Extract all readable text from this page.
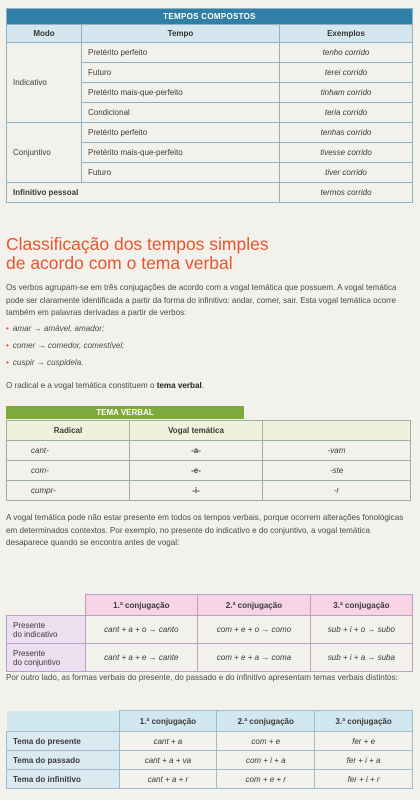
TEMPOS COMPOSTOS		
Modo	Tempo	Exemplos
Indicativo	Pretérito perfeito	tenho corrido
	Futuro	terei corrido
	Pretérito mais-que-perfeito	tinham corrido
	Condicional	teria corrido
Conjuntivo	Pretérito perfeito	tenhas corrido
	Pretérito mais-que-perfeito	tivesse corrido
	Futuro	tiver corrido
Infinitivo pessoal		termos corrido
Classificação dos tempos simples
de acordo com o tema verbal
Os verbos agrupam-se em três conjugações de acordo com a vogal temática que possuem. A vogal temática pode ser claramente identificada a partir da forma do infinitivo: andar, comer, sair. Esta vogal temática ocorre também em palavras derivadas a partir de verbos:
• amar → amável, amador;
• comer → comedor, comestível;
• cuspir → cuspidela.
O radical e a vogal temática constituem o tema verbal.
TEMA VERBAL
Radical	Vogal temática	
cant-	-a-	-vam
com-	-e-	-ste
cumpr-	-i-	-r
A vogal temática pode não estar presente em todos os tempos verbais, porque ocorrem alterações fonológicas em determinados contextos. Por exemplo, no presente do indicativo e do conjuntivo, a vogal temática desaparece quando se encontra antes de vogal:
	1.ª conjugação	2.ª conjugação	3.ª conjugação
Presente
do indicativo	cant + a + o → canto	com + e + o → como	sub + i + o → subo
Presente
do conjuntivo	cant + a + e → cante	com + e + a → coma	sub + i + a → suba
Por outro lado, as formas verbais do presente, do passado e do infinitivo apresentam temas verbais distintos:
	1.ª conjugação	2.ª conjugação	3.ª conjugação
Tema do presente	cant + a	com + e	fer + e
Tema do passado	cant + a + va	com + i + a	fer + i + a
Tema do infinitivo	cant + a + r	com + e + r	fer + i + r
